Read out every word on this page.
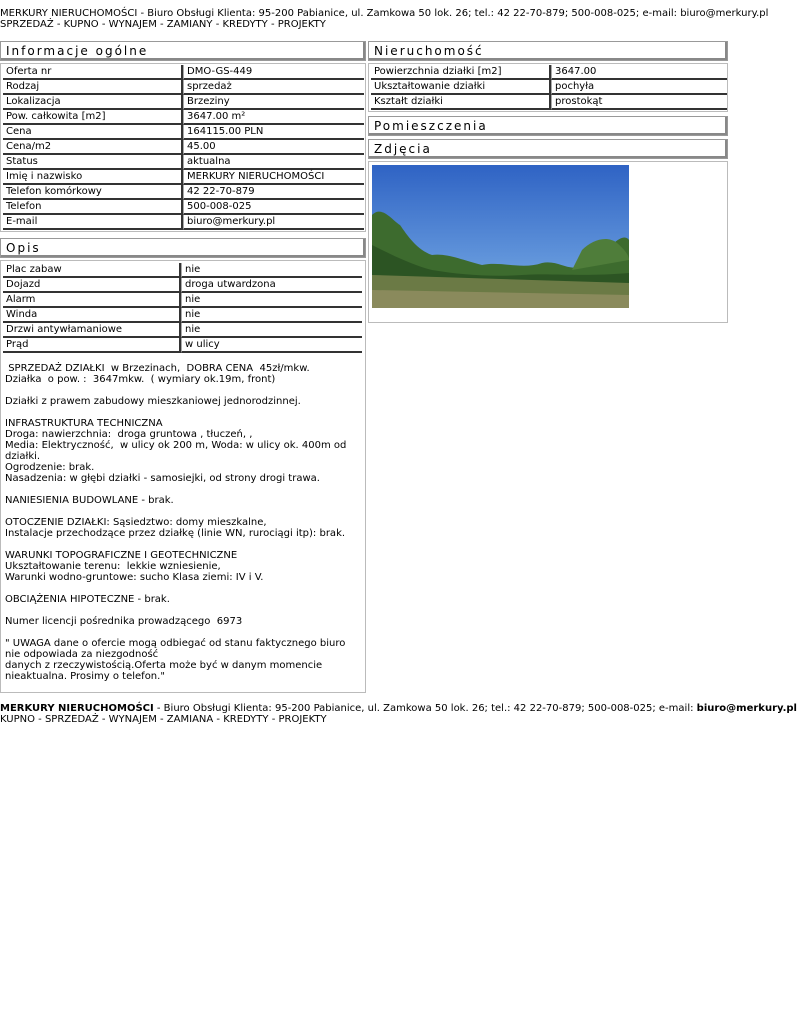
MERKURY NIERUCHOMOŚCI - Biuro Obsługi Klienta: 95-200 Pabianice, ul. Zamkowa 50 lok. 26; tel.: 42 22-70-879; 500-008-025; e-mail: biuro@merkury.pl
SPRZEDAŻ - KUPNO - WYNAJEM - ZAMIANY - KREDYTY - PROJEKTY
Informacje ogólne
Oferta nr	DMO-GS-449
Rodzaj	sprzedaż
Lokalizacja	Brzeziny
Pow. całkowita [m2]	3647.00 m²
Cena	164115.00 PLN
Cena/m2	45.00
Status	aktualna
Imię i nazwisko	MERKURY NIERUCHOMOŚCI
Telefon komórkowy	42 22-70-879
Telefon	500-008-025
E-mail	biuro@merkury.pl
Opis
Plac zabaw	nie
Dojazd	droga utwardzona
Alarm	nie
Winda	nie
Drzwi antywłamaniowe	nie
Prąd	w ulicy
SPRZEDAŻ DZIAŁKI  w Brzezinach,  DOBRA CENA  45zł/mkw.
Działka  o pow. :  3647mkw.  ( wymiary ok.19m, front)

Działki z prawem zabudowy mieszkaniowej jednorodzinnej.

INFRASTRUKTURA TECHNICZNA
Droga: nawierzchnia:  droga gruntowa , tłuczeń, ,
Media: Elektryczność,  w ulicy ok 200 m, Woda: w ulicy ok. 400m od
działki.
Ogrodzenie: brak.
Nasadzenia: w głębi działki - samosiejki, od strony drogi trawa.

NANIESIENIA BUDOWLANE - brak.

OTOCZENIE DZIAŁKI: Sąsiedztwo: domy mieszkalne,
Instalacje przechodzące przez działkę (linie WN, rurociągi itp): brak.

WARUNKI TOPOGRAFICZNE I GEOTECHNICZNE
Ukształtowanie terenu:  lekkie wzniesienie,
Warunki wodno-gruntowe: sucho Klasa ziemi: IV i V.

OBCIĄŻENIA HIPOTECZNE - brak.

Numer licencji pośrednika prowadzącego  6973

" UWAGA dane o ofercie mogą odbiegać od stanu faktycznego biuro
nie odpowiada za niezgodność
danych z rzeczywistością.Oferta może być w danym momencie
nieaktualna. Prosimy o telefon."
Nieruchomość
Powierzchnia działki [m2]	3647.00
Ukształtowanie działki	pochyła
Kształt działki	prostokąt
Pomieszczenia
Zdjęcia
MERKURY NIERUCHOMOŚCI - Biuro Obsługi Klienta: 95-200 Pabianice, ul. Zamkowa 50 lok. 26; tel.: 42 22-70-879; 500-008-025; e-mail: biuro@merkury.pl
KUPNO - SPRZEDAŻ - WYNAJEM - ZAMIANA - KREDYTY - PROJEKTY
